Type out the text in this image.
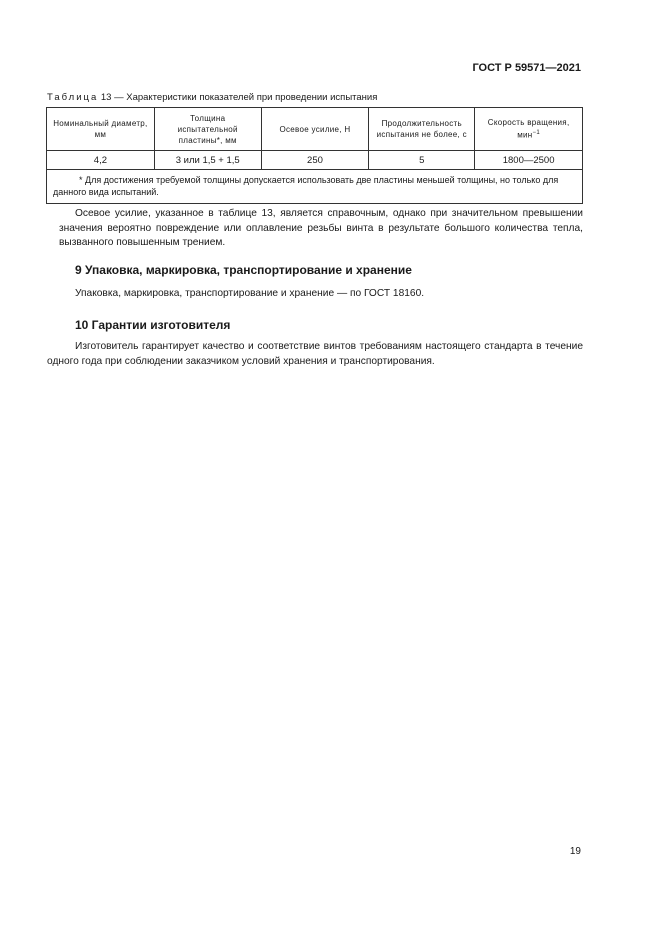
ГОСТ Р 59571—2021
Таблица 13 — Характеристики показателей при проведении испытания
Номинальный диаметр, мм	Толщина испытательной пластины*, мм	Осевое усилие, Н	Продолжительность испытания не более, с	Скорость вращения, мин$^{-1}$
4,2	3 или 1,5 + 1,5	250	5	1800—2500
* Для достижения требуемой толщины допускается использовать две пластины меньшей толщины, но только для данного вида испытаний.				
Осевое усилие, указанное в таблице 13, является справочным, однако при значительном превышении значения вероятно повреждение или оплавление резьбы винта в результате большого количества тепла, вызванного повышенным трением.
9 Упаковка, маркировка, транспортирование и хранение
Упаковка, маркировка, транспортирование и хранение — по ГОСТ 18160.
10 Гарантии изготовителя
Изготовитель гарантирует качество и соответствие винтов требованиям настоящего стандарта в течение одного года при соблюдении заказчиком условий хранения и транспортирования.
19
